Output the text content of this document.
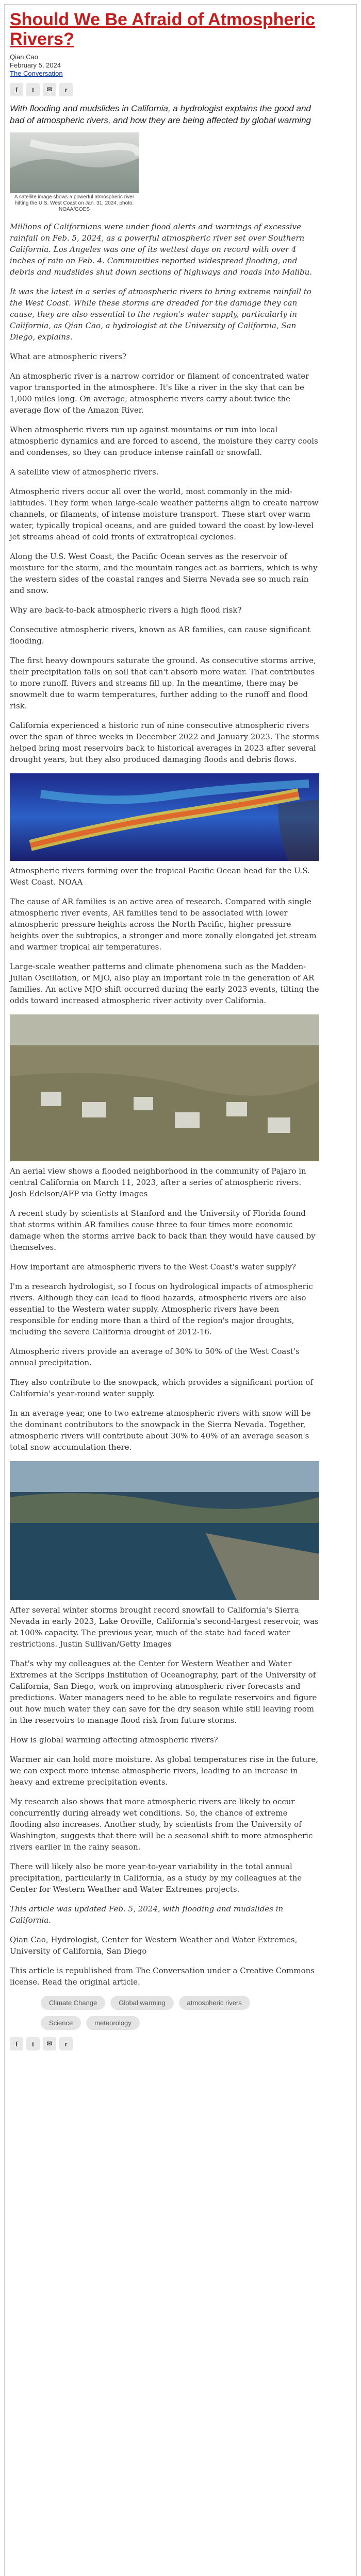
Should We Be Afraid of Atmospheric Rivers?
Qian Cao
February 5, 2024
The Conversation
f	t	✉	r

With flooding and mudslides in California, a hydrologist explains the good and bad of atmospheric rivers, and how they are being affected by global warming

A satellite image shows a powerful atmospheric river hitting the U.S. West Coast on Jan. 31, 2024. photo: NOAA/GOES

Millions of Californians were under flood alerts and warnings of excessive rainfall on Feb. 5, 2024, as a powerful atmospheric river set over Southern California. Los Angeles was one of its wettest days on record with over 4 inches of rain on Feb. 4. Communities reported widespread flooding, and debris and mudslides shut down sections of highways and roads into Malibu.

It was the latest in a series of atmospheric rivers to bring extreme rainfall to the West Coast. While these storms are dreaded for the damage they can cause, they are also essential to the region's water supply, particularly in California, as Qian Cao, a hydrologist at the University of California, San Diego, explains.

What are atmospheric rivers?

An atmospheric river is a narrow corridor or filament of concentrated water vapor transported in the atmosphere. It's like a river in the sky that can be 1,000 miles long. On average, atmospheric rivers carry about twice the average flow of the Amazon River.

When atmospheric rivers run up against mountains or run into local atmospheric dynamics and are forced to ascend, the moisture they carry cools and condenses, so they can produce intense rainfall or snowfall.

A satellite view of atmospheric rivers.

Atmospheric rivers occur all over the world, most commonly in the mid-latitudes. They form when large-scale weather patterns align to create narrow channels, or filaments, of intense moisture transport. These start over warm water, typically tropical oceans, and are guided toward the coast by low-level jet streams ahead of cold fronts of extratropical cyclones.

Along the U.S. West Coast, the Pacific Ocean serves as the reservoir of moisture for the storm, and the mountain ranges act as barriers, which is why the western sides of the coastal ranges and Sierra Nevada see so much rain and snow.

Why are back-to-back atmospheric rivers a high flood risk?

Consecutive atmospheric rivers, known as AR families, can cause significant flooding.

The first heavy downpours saturate the ground. As consecutive storms arrive, their precipitation falls on soil that can't absorb more water. That contributes to more runoff. Rivers and streams fill up. In the meantime, there may be snowmelt due to warm temperatures, further adding to the runoff and flood risk.

California experienced a historic run of nine consecutive atmospheric rivers over the span of three weeks in December 2022 and January 2023. The storms helped bring most reservoirs back to historical averages in 2023 after several drought years, but they also produced damaging floods and debris flows.

Atmospheric rivers forming over the tropical Pacific Ocean head for the U.S. West Coast. NOAA

The cause of AR families is an active area of research. Compared with single atmospheric river events, AR families tend to be associated with lower atmospheric pressure heights across the North Pacific, higher pressure heights over the subtropics, a stronger and more zonally elongated jet stream and warmer tropical air temperatures.

Large-scale weather patterns and climate phenomena such as the Madden-Julian Oscillation, or MJO, also play an important role in the generation of AR families. An active MJO shift occurred during the early 2023 events, tilting the odds toward increased atmospheric river activity over California.

An aerial view shows a flooded neighborhood in the community of Pajaro in central California on March 11, 2023, after a series of atmospheric rivers. Josh Edelson/AFP via Getty Images

A recent study by scientists at Stanford and the University of Florida found that storms within AR families cause three to four times more economic damage when the storms arrive back to back than they would have caused by themselves.

How important are atmospheric rivers to the West Coast's water supply?

I'm a research hydrologist, so I focus on hydrological impacts of atmospheric rivers. Although they can lead to flood hazards, atmospheric rivers are also essential to the Western water supply. Atmospheric rivers have been responsible for ending more than a third of the region's major droughts, including the severe California drought of 2012-16.

Atmospheric rivers provide an average of 30% to 50% of the West Coast's annual precipitation.

They also contribute to the snowpack, which provides a significant portion of California's year-round water supply.

In an average year, one to two extreme atmospheric rivers with snow will be the dominant contributors to the snowpack in the Sierra Nevada. Together, atmospheric rivers will contribute about 30% to 40% of an average season's total snow accumulation there.

After several winter storms brought record snowfall to California's Sierra Nevada in early 2023, Lake Oroville, California's second-largest reservoir, was at 100% capacity. The previous year, much of the state had faced water restrictions. Justin Sullivan/Getty Images

That's why my colleagues at the Center for Western Weather and Water Extremes at the Scripps Institution of Oceanography, part of the University of California, San Diego, work on improving atmospheric river forecasts and predictions. Water managers need to be able to regulate reservoirs and figure out how much water they can save for the dry season while still leaving room in the reservoirs to manage flood risk from future storms.

How is global warming affecting atmospheric rivers?

Warmer air can hold more moisture. As global temperatures rise in the future, we can expect more intense atmospheric rivers, leading to an increase in heavy and extreme precipitation events.

My research also shows that more atmospheric rivers are likely to occur concurrently during already wet conditions. So, the chance of extreme flooding also increases. Another study, by scientists from the University of Washington, suggests that there will be a seasonal shift to more atmospheric rivers earlier in the rainy season.

There will likely also be more year-to-year variability in the total annual precipitation, particularly in California, as a study by my colleagues at the Center for Western Weather and Water Extremes projects.

This article was updated Feb. 5, 2024, with flooding and mudslides in California.

Qian Cao, Hydrologist, Center for Western Weather and Water Extremes, University of California, San Diego

This article is republished from The Conversation under a Creative Commons license. Read the original article.

Climate Change	Global warming	atmospheric rivers
Science	meteorology
f	t	✉	r
